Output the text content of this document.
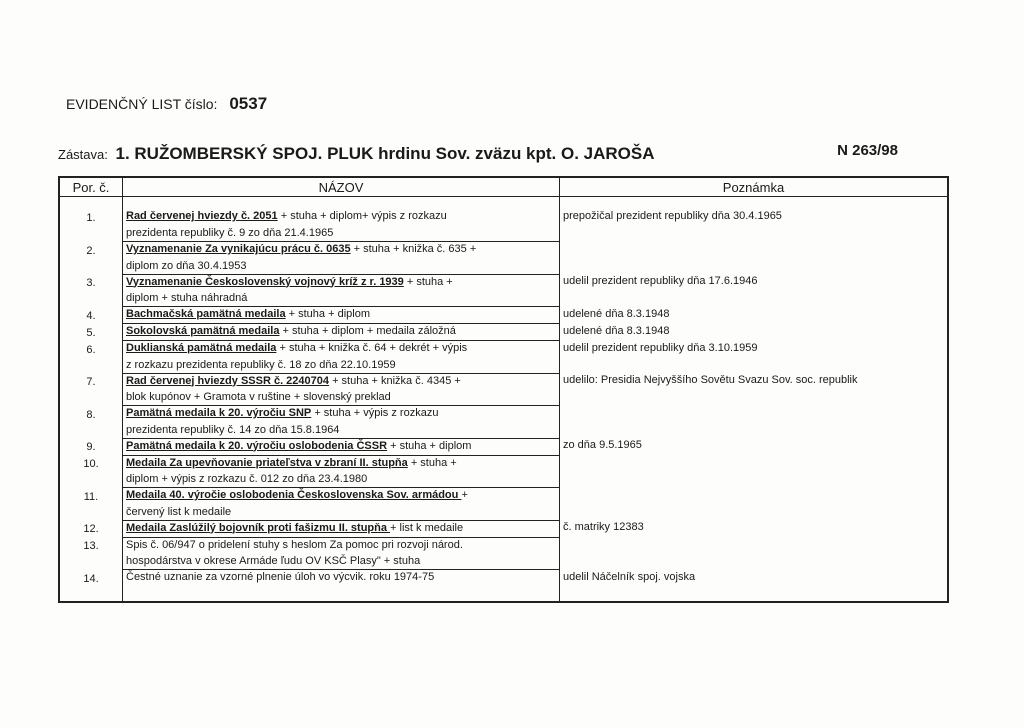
EVIDENČNÝ LIST číslo: 0537
Zástava: 1. RUŽOMBERSKÝ SPOJ. PLUK hrdinu Sov. zväzu kpt. O. JAROŠA	N 263/98
Por. č.	NÁZOV	Poznámka

1.	Rad červenej hviezdy č. 2051 + stuha + diplom+ výpis z rozkazu	prepožičal prezident republiky dňa 30.4.1965
	prezidenta republiky č. 9 zo dňa 21.4.1965	
2.	Vyznamenanie Za vynikajúcu prácu č. 0635 + stuha + knižka č. 635 +	
	diplom zo dňa 30.4.1953	
3.	Vyznamenanie Československý vojnový kríž z r. 1939 + stuha +	udelil prezident republiky dňa 17.6.1946
	diplom + stuha náhradná	
4.	Bachmačská pamätná medaila + stuha + diplom	udelené dňa 8.3.1948
5.	Sokolovská pamätná medaila + stuha + diplom + medaila záložná	udelené dňa 8.3.1948
6.	Duklianská pamätná medaila + stuha + knižka č. 64 + dekrét + výpis	udelil prezident republiky dňa 3.10.1959
	z rozkazu prezidenta republiky č. 18 zo dňa 22.10.1959	
7.	Rad červenej hviezdy SSSR č. 2240704 + stuha + knižka č. 4345 +	udelilo: Presidia Nejvyššího Sovětu Svazu Sov. soc. republik
	blok kupónov + Gramota v ruštine + slovenský preklad	
8.	Pamätná medaila k 20. výročiu SNP + stuha + výpis z rozkazu	
	prezidenta republiky č. 14 zo dňa 15.8.1964	
9.	Pamätná medaila k 20. výročiu oslobodenia ČSSR + stuha + diplom	zo dňa 9.5.1965
10.	Medaila Za upevňovanie priateľstva v zbraní II. stupňa + stuha +	
	diplom + výpis z rozkazu č. 012 zo dňa 23.4.1980	
11.	Medaila 40. výročie oslobodenia Československa Sov. armádou +	
	červený list k medaile	
12.	Medaila Zaslúžilý bojovník proti fašizmu II. stupňa + list k medaile	č. matriky 12383
13.	Spis č. 06/947 o pridelení stuhy s heslom Za pomoc pri rozvoji národ.	
	hospodárstva v okrese Armáde ľudu OV KSČ Plasy" + stuha	
14.	Čestné uznanie za vzorné plnenie úloh vo výcvik. roku 1974-75	udelil Náčelník spoj. vojska
